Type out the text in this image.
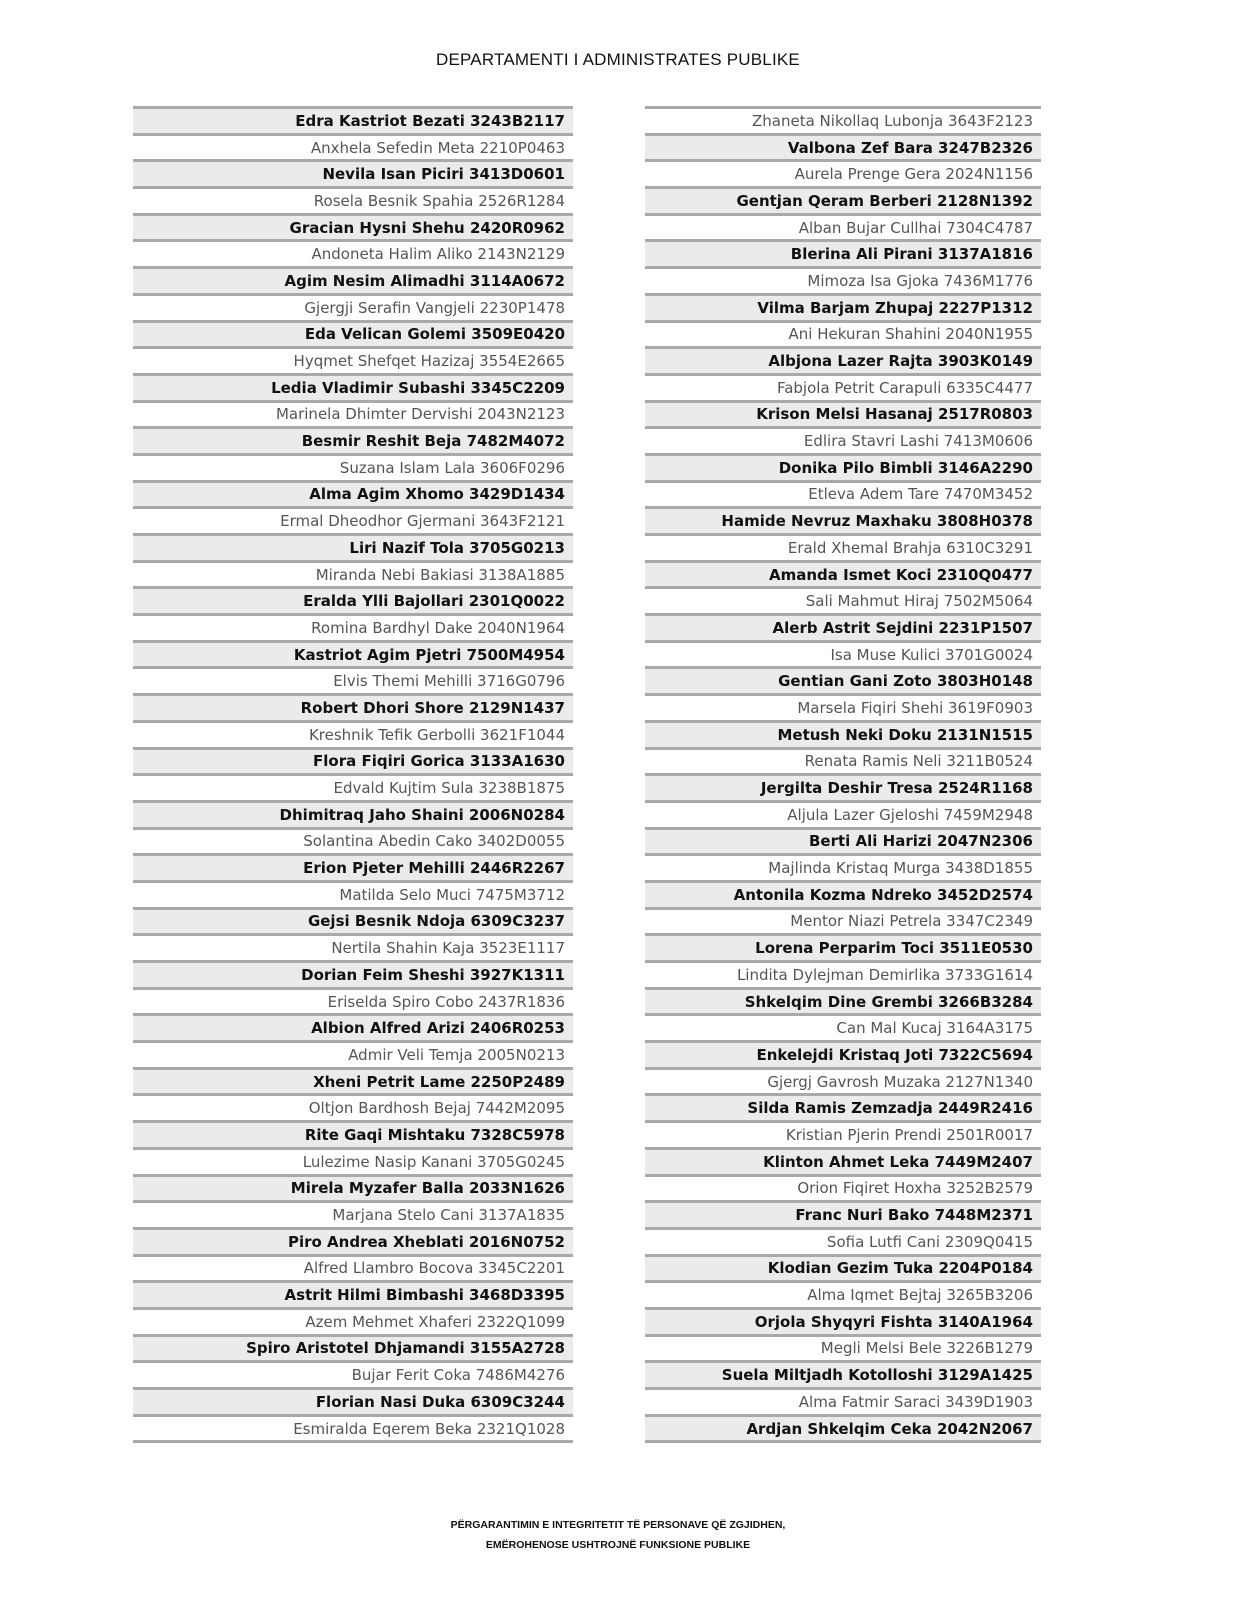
DEPARTAMENTI I ADMINISTRATES PUBLIKE
Edra Kastriot Bezati 3243B2117
Anxhela Sefedin Meta 2210P0463
Nevila Isan Piciri 3413D0601
Rosela Besnik Spahia 2526R1284
Gracian Hysni Shehu 2420R0962
Andoneta Halim Aliko 2143N2129
Agim Nesim Alimadhi 3114A0672
Gjergji Serafin Vangjeli 2230P1478
Eda Velican Golemi 3509E0420
Hyqmet Shefqet Hazizaj 3554E2665
Ledia Vladimir Subashi 3345C2209
Marinela Dhimter Dervishi 2043N2123
Besmir Reshit Beja 7482M4072
Suzana Islam Lala 3606F0296
Alma Agim Xhomo 3429D1434
Ermal Dheodhor Gjermani 3643F2121
Liri Nazif Tola 3705G0213
Miranda Nebi Bakiasi 3138A1885
Eralda Ylli Bajollari 2301Q0022
Romina Bardhyl Dake 2040N1964
Kastriot Agim Pjetri 7500M4954
Elvis Themi Mehilli 3716G0796
Robert Dhori Shore 2129N1437
Kreshnik Tefik Gerbolli 3621F1044
Flora Fiqiri Gorica 3133A1630
Edvald Kujtim Sula 3238B1875
Dhimitraq Jaho Shaini 2006N0284
Solantina Abedin Cako 3402D0055
Erion Pjeter Mehilli 2446R2267
Matilda Selo Muci 7475M3712
Gejsi Besnik Ndoja 6309C3237
Nertila Shahin Kaja 3523E1117
Dorian Feim Sheshi 3927K1311
Eriselda Spiro Cobo 2437R1836
Albion Alfred Arizi 2406R0253
Admir Veli Temja 2005N0213
Xheni Petrit Lame 2250P2489
Oltjon Bardhosh Bejaj 7442M2095
Rite Gaqi Mishtaku 7328C5978
Lulezime Nasip Kanani 3705G0245
Mirela Myzafer Balla 2033N1626
Marjana Stelo Cani 3137A1835
Piro Andrea Xheblati 2016N0752
Alfred Llambro Bocova 3345C2201
Astrit Hilmi Bimbashi 3468D3395
Azem Mehmet Xhaferi 2322Q1099
Spiro Aristotel Dhjamandi 3155A2728
Bujar Ferit Coka 7486M4276
Florian Nasi Duka 6309C3244
Esmiralda Eqerem Beka 2321Q1028
Zhaneta Nikollaq Lubonja 3643F2123
Valbona Zef Bara 3247B2326
Aurela Prenge Gera 2024N1156
Gentjan Qeram Berberi 2128N1392
Alban Bujar Cullhai 7304C4787
Blerina Ali Pirani 3137A1816
Mimoza Isa Gjoka 7436M1776
Vilma Barjam Zhupaj 2227P1312
Ani Hekuran Shahini 2040N1955
Albjona Lazer Rajta 3903K0149
Fabjola Petrit Carapuli 6335C4477
Krison Melsi Hasanaj 2517R0803
Edlira Stavri Lashi 7413M0606
Donika Pilo Bimbli 3146A2290
Etleva Adem Tare 7470M3452
Hamide Nevruz Maxhaku 3808H0378
Erald Xhemal Brahja 6310C3291
Amanda Ismet Koci 2310Q0477
Sali Mahmut Hiraj 7502M5064
Alerb Astrit Sejdini 2231P1507
Isa Muse Kulici 3701G0024
Gentian Gani Zoto 3803H0148
Marsela Fiqiri Shehi 3619F0903
Metush Neki Doku 2131N1515
Renata Ramis Neli 3211B0524
Jergilta Deshir Tresa 2524R1168
Aljula Lazer Gjeloshi 7459M2948
Berti Ali Harizi 2047N2306
Majlinda Kristaq Murga 3438D1855
Antonila Kozma Ndreko 3452D2574
Mentor Niazi Petrela 3347C2349
Lorena Perparim Toci 3511E0530
Lindita Dylejman Demirlika 3733G1614
Shkelqim Dine Grembi 3266B3284
Can Mal Kucaj 3164A3175
Enkelejdi Kristaq Joti 7322C5694
Gjergj Gavrosh Muzaka 2127N1340
Silda Ramis Zemzadja 2449R2416
Kristian Pjerin Prendi 2501R0017
Klinton Ahmet Leka 7449M2407
Orion Fiqiret Hoxha 3252B2579
Franc Nuri Bako 7448M2371
Sofia Lutfi Cani 2309Q0415
Klodian Gezim Tuka 2204P0184
Alma Iqmet Bejtaj 3265B3206
Orjola Shyqyri Fishta 3140A1964
Megli Melsi Bele 3226B1279
Suela Miltjadh Kotolloshi 3129A1425
Alma Fatmir Saraci 3439D1903
Ardjan Shkelqim Ceka 2042N2067
PËRGARANTIMIN E INTEGRITETIT TË PERSONAVE QË ZGJIDHEN,
EMËROHENOSE USHTROJNË FUNKSIONE PUBLIKE
